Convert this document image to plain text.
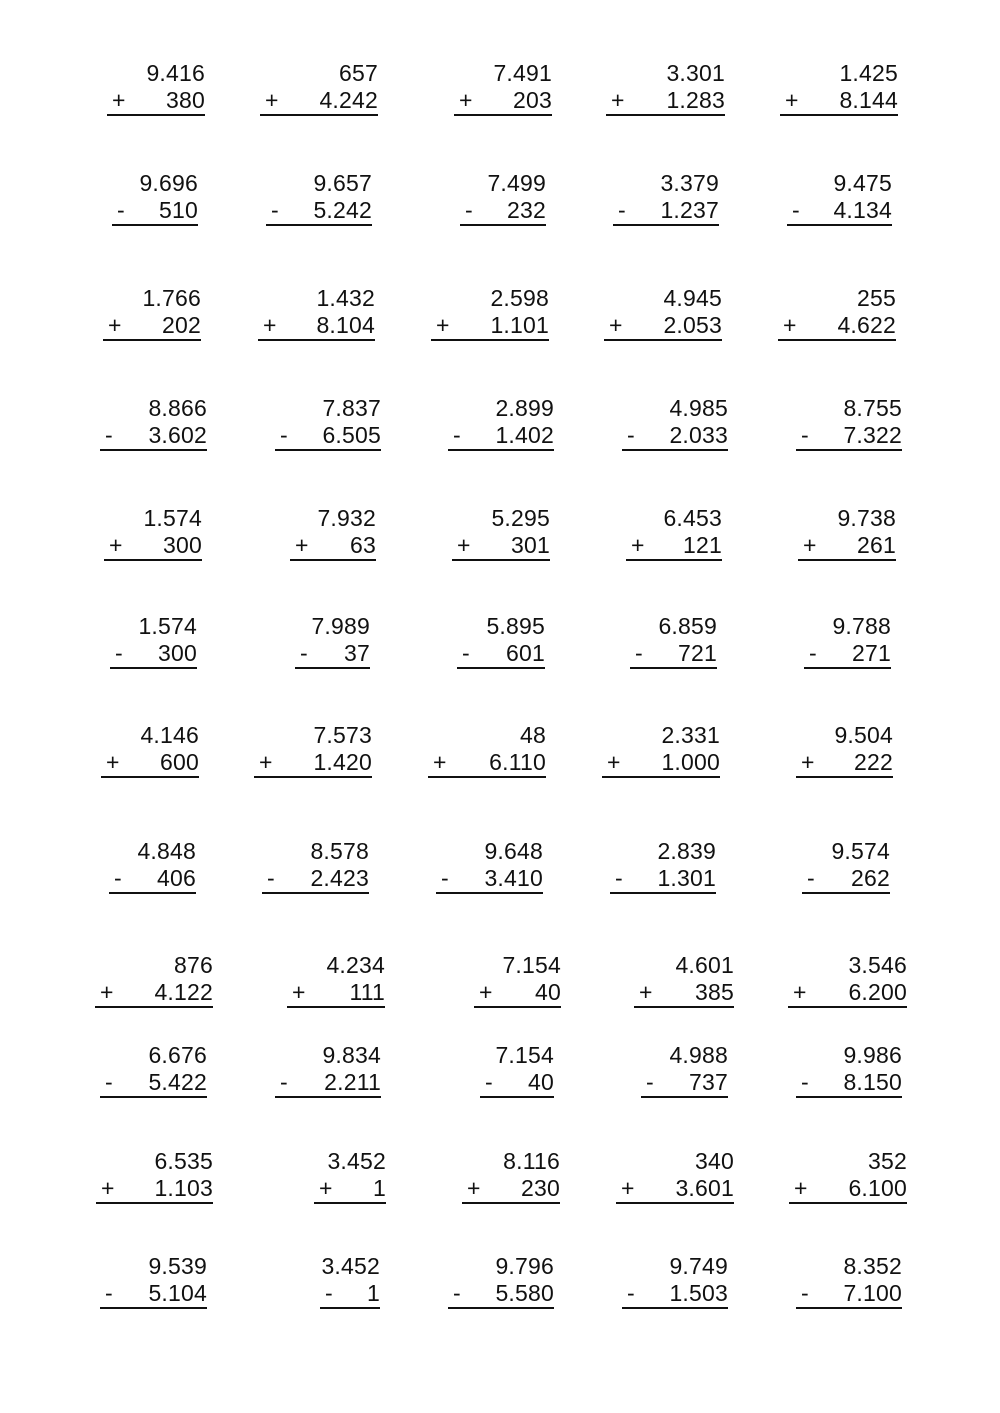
9.416
+ 380
657
+ 4.242
7.491
+ 203
3.301
+ 1.283
1.425
+ 8.144
9.696
- 510
9.657
- 5.242
7.499
- 232
3.379
- 1.237
9.475
- 4.134
1.766
+ 202
1.432
+ 8.104
2.598
+ 1.101
4.945
+ 2.053
255
+ 4.622
8.866
- 3.602
7.837
- 6.505
2.899
- 1.402
4.985
- 2.033
8.755
- 7.322
1.574
+ 300
7.932
+ 63
5.295
+ 301
6.453
+ 121
9.738
+ 261
1.574
- 300
7.989
- 37
5.895
- 601
6.859
- 721
9.788
- 271
4.146
+ 600
7.573
+ 1.420
48
+ 6.110
2.331
+ 1.000
9.504
+ 222
4.848
- 406
8.578
- 2.423
9.648
- 3.410
2.839
- 1.301
9.574
- 262
876
+ 4.122
4.234
+ 111
7.154
+ 40
4.601
+ 385
3.546
+ 6.200
6.676
- 5.422
9.834
- 2.211
7.154
- 40
4.988
- 737
9.986
- 8.150
6.535
+ 1.103
3.452
+ 1
8.116
+ 230
340
+ 3.601
352
+ 6.100
9.539
- 5.104
3.452
- 1
9.796
- 5.580
9.749
- 1.503
8.352
- 7.100
